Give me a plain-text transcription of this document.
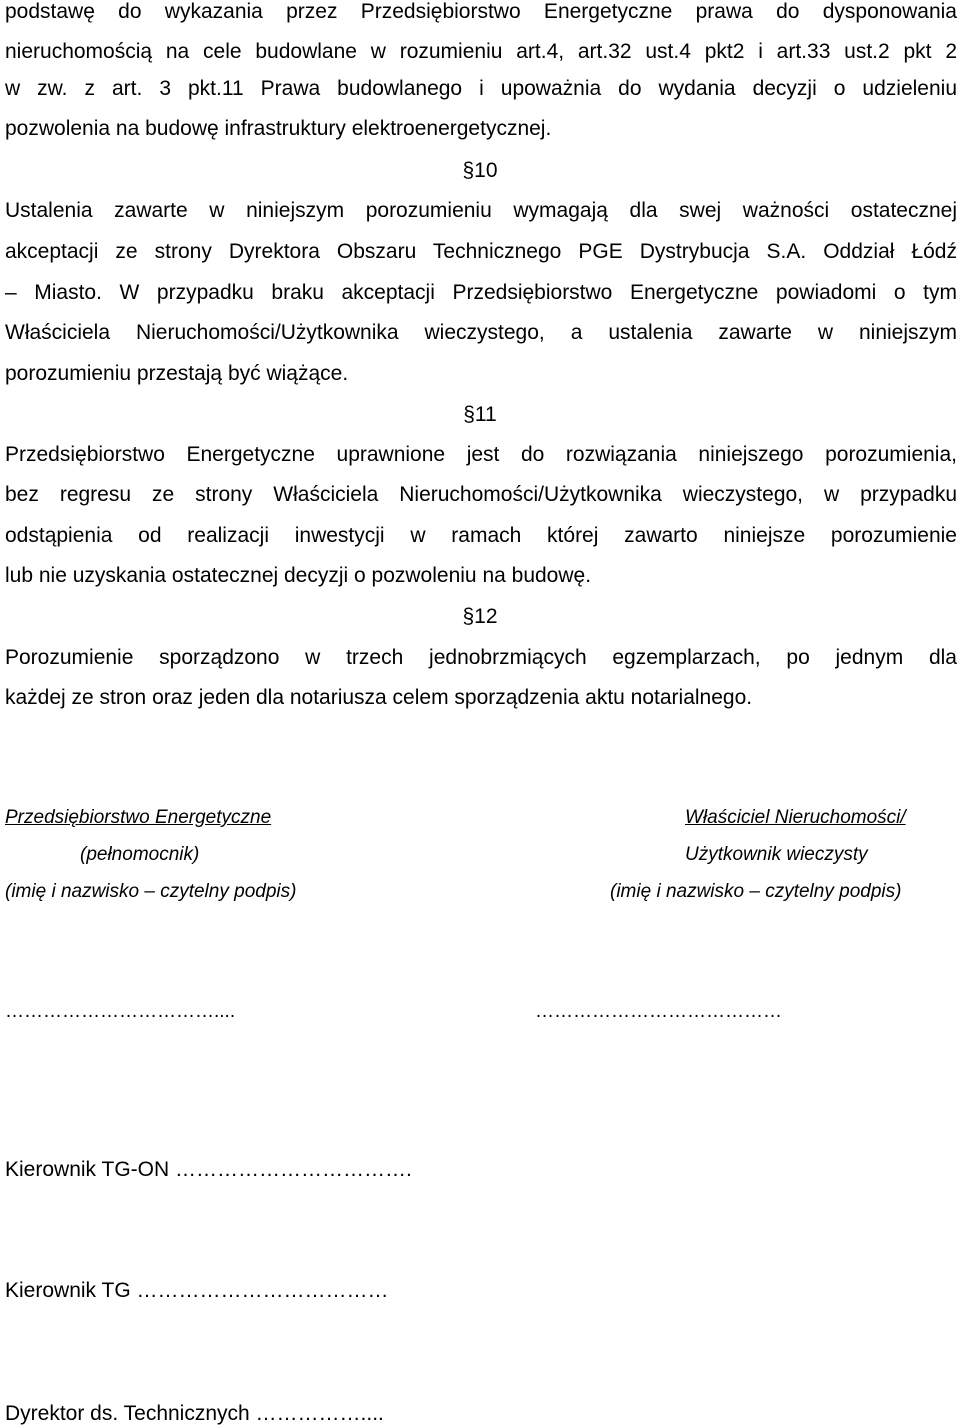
podstawę do wykazania przez Przedsiębiorstwo Energetyczne prawa do dysponowania
nieruchomością na cele budowlane w rozumieniu art.4, art.32 ust.4 pkt2 i art.33 ust.2 pkt 2
w zw. z art. 3 pkt.11 Prawa budowlanego i upoważnia do wydania decyzji o udzieleniu
pozwolenia na budowę infrastruktury elektroenergetycznej.
§10
Ustalenia zawarte w niniejszym porozumieniu wymagają dla swej ważności ostatecznej
akceptacji ze strony Dyrektora Obszaru Technicznego PGE Dystrybucja S.A. Oddział Łódź
– Miasto. W przypadku braku akceptacji Przedsiębiorstwo Energetyczne powiadomi o tym
Właściciela Nieruchomości/Użytkownika wieczystego, a ustalenia zawarte w niniejszym
porozumieniu przestają być wiążące.
§11
Przedsiębiorstwo Energetyczne uprawnione jest do rozwiązania niniejszego porozumienia,
bez regresu ze strony Właściciela Nieruchomości/Użytkownika wieczystego, w przypadku
odstąpienia od realizacji inwestycji w ramach której zawarto niniejsze porozumienie
lub nie uzyskania ostatecznej decyzji o pozwoleniu na budowę.
§12
Porozumienie sporządzono w trzech jednobrzmiących egzemplarzach, po jednym dla
każdej ze stron oraz jeden dla notariusza celem sporządzenia aktu notarialnego.
Przedsiębiorstwo Energetyczne
(pełnomocnik)
(imię i nazwisko – czytelny podpis)
Właściciel Nieruchomości/
Użytkownik wieczysty
(imię i nazwisko – czytelny podpis)
……………………………....	…………………………………
Kierownik TG-ON …………………………….
Kierownik TG ………………………………
Dyrektor ds. Technicznych ……………....
